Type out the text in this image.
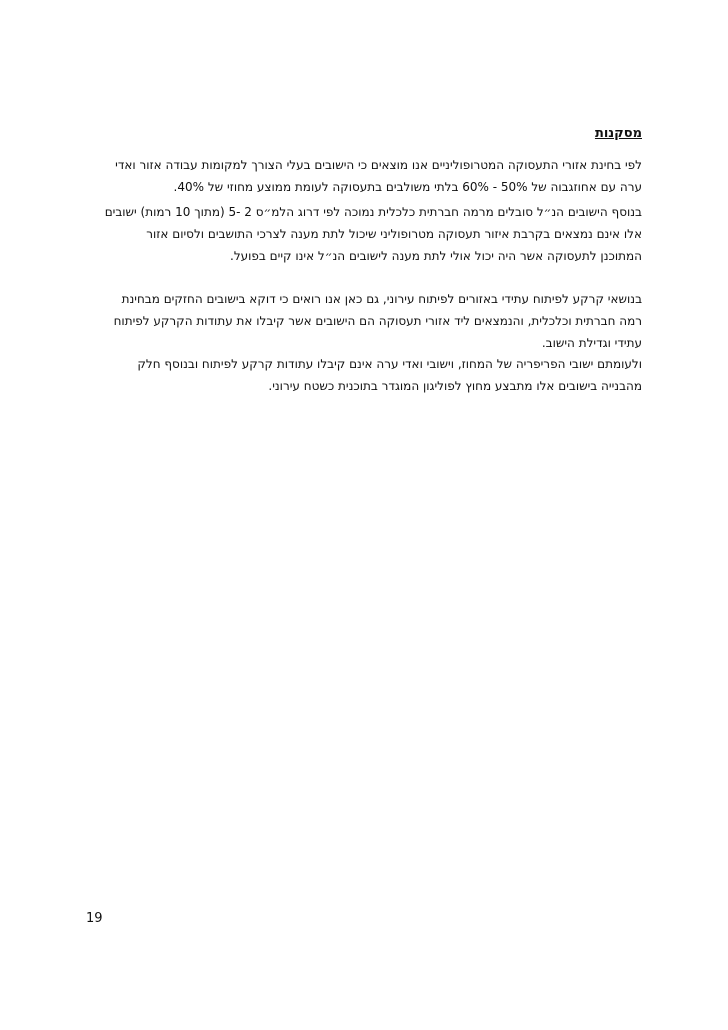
מסקנות
לפי בחינת אזורי התעסוקה המטרופוליניים אנו מוצאים כי הישובים בעלי הצורך למקומות עבודה אזור ואדי
ערה עם אחוזגבוה של 50% - 60% בלתי משולבים בתעסוקה לעומת ממוצע מחוזי של 40%.
בנוסף הישובים הנ״ל סובלים מרמה חברתית כלכלית נמוכה לפי דרוג הלמ״ס 2 -5 (מתוך 10 רמות) ישובים
אלו אינם נמצאים בקרבת איזור תעסוקה מטרופוליני שיכול לתת מענה לצרכי התושבים ולסיום אזור
המתוכנן לתעסוקה אשר היה יכול אולי לתת מענה לישובים הנ״ל אינו קיים בפועל.
בנושאי קרקע לפיתוח עתידי באזורים לפיתוח עירוני, גם כאן אנו רואים כי דוקא בישובים החזקים מבחינת
רמה חברתית וכלכלית, והנמצאים ליד אזורי תעסוקה הם הישובים אשר קיבלו את עתודות הקרקע לפיתוח
עתידי וגדילת הישוב.
ולעומתם ישובי הפריפריה של המחוז, וישובי ואדי ערה אינם קיבלו עתודות קרקע לפיתוח ובנוסף חלק
מהבנייה בישובים אלו מתבצע מחוץ לפוליגון המוגדר בתוכנית כשטח עירוני.
19
